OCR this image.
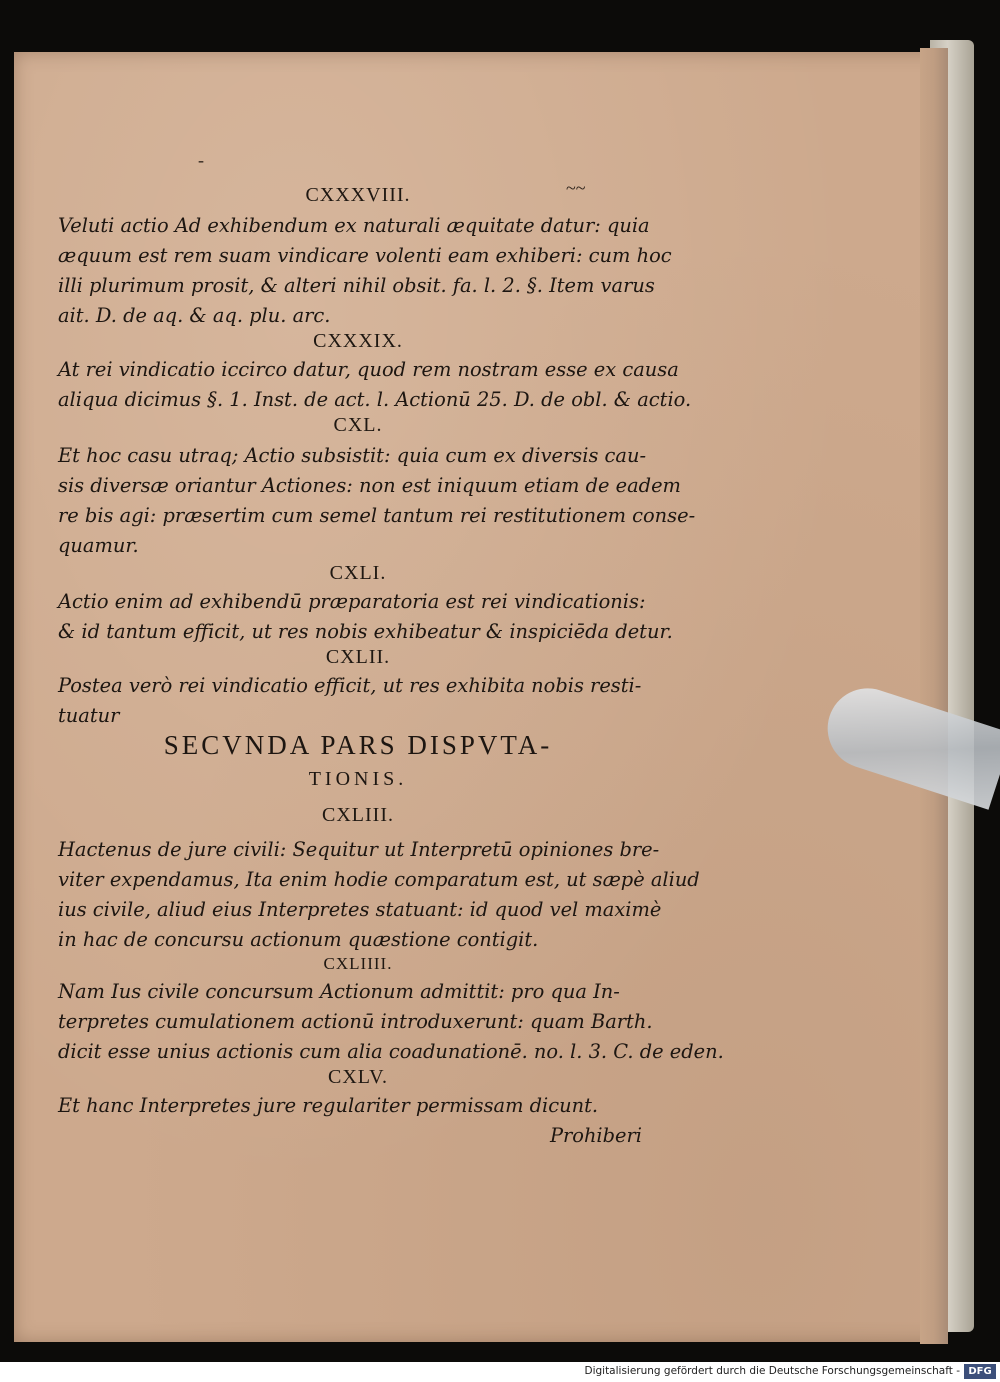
-
~~
CXXXVIII.
Veluti actio Ad exhibendum ex naturali æquitate datur: quia
æquum est rem suam vindicare volenti eam exhiberi: cum hoc
illi plurimum prosit, & alteri nihil obsit. fa. l. 2. §. Item varus
ait. D. de aq. & aq. plu. arc.
CXXXIX.
At rei vindicatio iccirco datur, quod rem nostram esse ex causa
aliqua dicimus §. 1. Inst. de act. l. Actionū 25. D. de obl. & actio.
CXL.
Et hoc casu utraq; Actio subsistit: quia cum ex diversis cau-
sis diversæ oriantur Actiones: non est iniquum etiam de eadem
re bis agi: præsertim cum semel tantum rei restitutionem conse-
quamur.
CXLI.
Actio enim ad exhibendū præparatoria est rei vindicationis:
& id tantum efficit, ut res nobis exhibeatur & inspiciēda detur.
CXLII.
Postea verò rei vindicatio efficit, ut res exhibita nobis resti-
tuatur
SECVNDA PARS DISPVTA-
TIONIS.
CXLIII.
Hactenus de jure civili: Sequitur ut Interpretū opiniones bre-
viter expendamus, Ita enim hodie comparatum est, ut sæpè aliud
ius civile, aliud eius Interpretes statuant: id quod vel maximè
in hac de concursu actionum quæstione contigit.
CXLIIII.
Nam Ius civile concursum Actionum admittit: pro qua In-
terpretes cumulationem actionū introduxerunt: quam Barth.
dicit esse unius actionis cum alia coadunationē. no. l. 3. C. de eden.
CXLV.
Et hanc Interpretes jure regulariter permissam dicunt.
Prohiberi
Digitalisierung gefördert durch die Deutsche Forschungsgemeinschaft - DFG
